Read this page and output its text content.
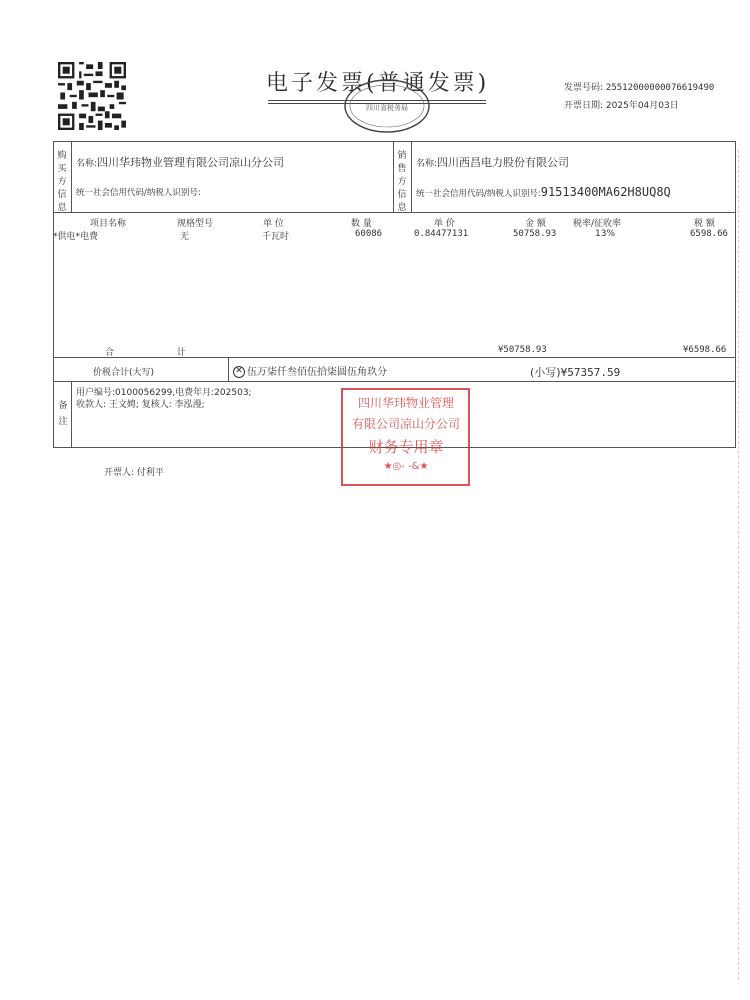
电子发票(普通发票)
四川省税务局
发票号码: 25512000000076619490
开票日期: 2025年04月03日
购买方信息
名称:四川华玮物业管理有限公司凉山分公司
统一社会信用代码/纳税人识别号:
销售方信息
名称:四川西昌电力股份有限公司
统一社会信用代码/纳税人识别号:91513400MA62H8UQ8Q
项目名称	规格型号	单 位	数 量	单 价	金 额	税率/征收率	税 额
*供电*电费	无	千瓦时	60086	0.84477131	50758.93	13%	6598.66
合 计	¥50758.93	¥6598.66
价税合计(大写)	✕ 伍万柒仟叁佰伍拾柒圆伍角玖分	(小写)¥57357.59
备注
用户编号:0100056299,电费年月:202503;
收款人: 王文娉; 复核人: 李泓漫;	四川华玮物业管理
有限公司凉山分公司
财务专用章
★◎- -&★
开票人: 付利平
